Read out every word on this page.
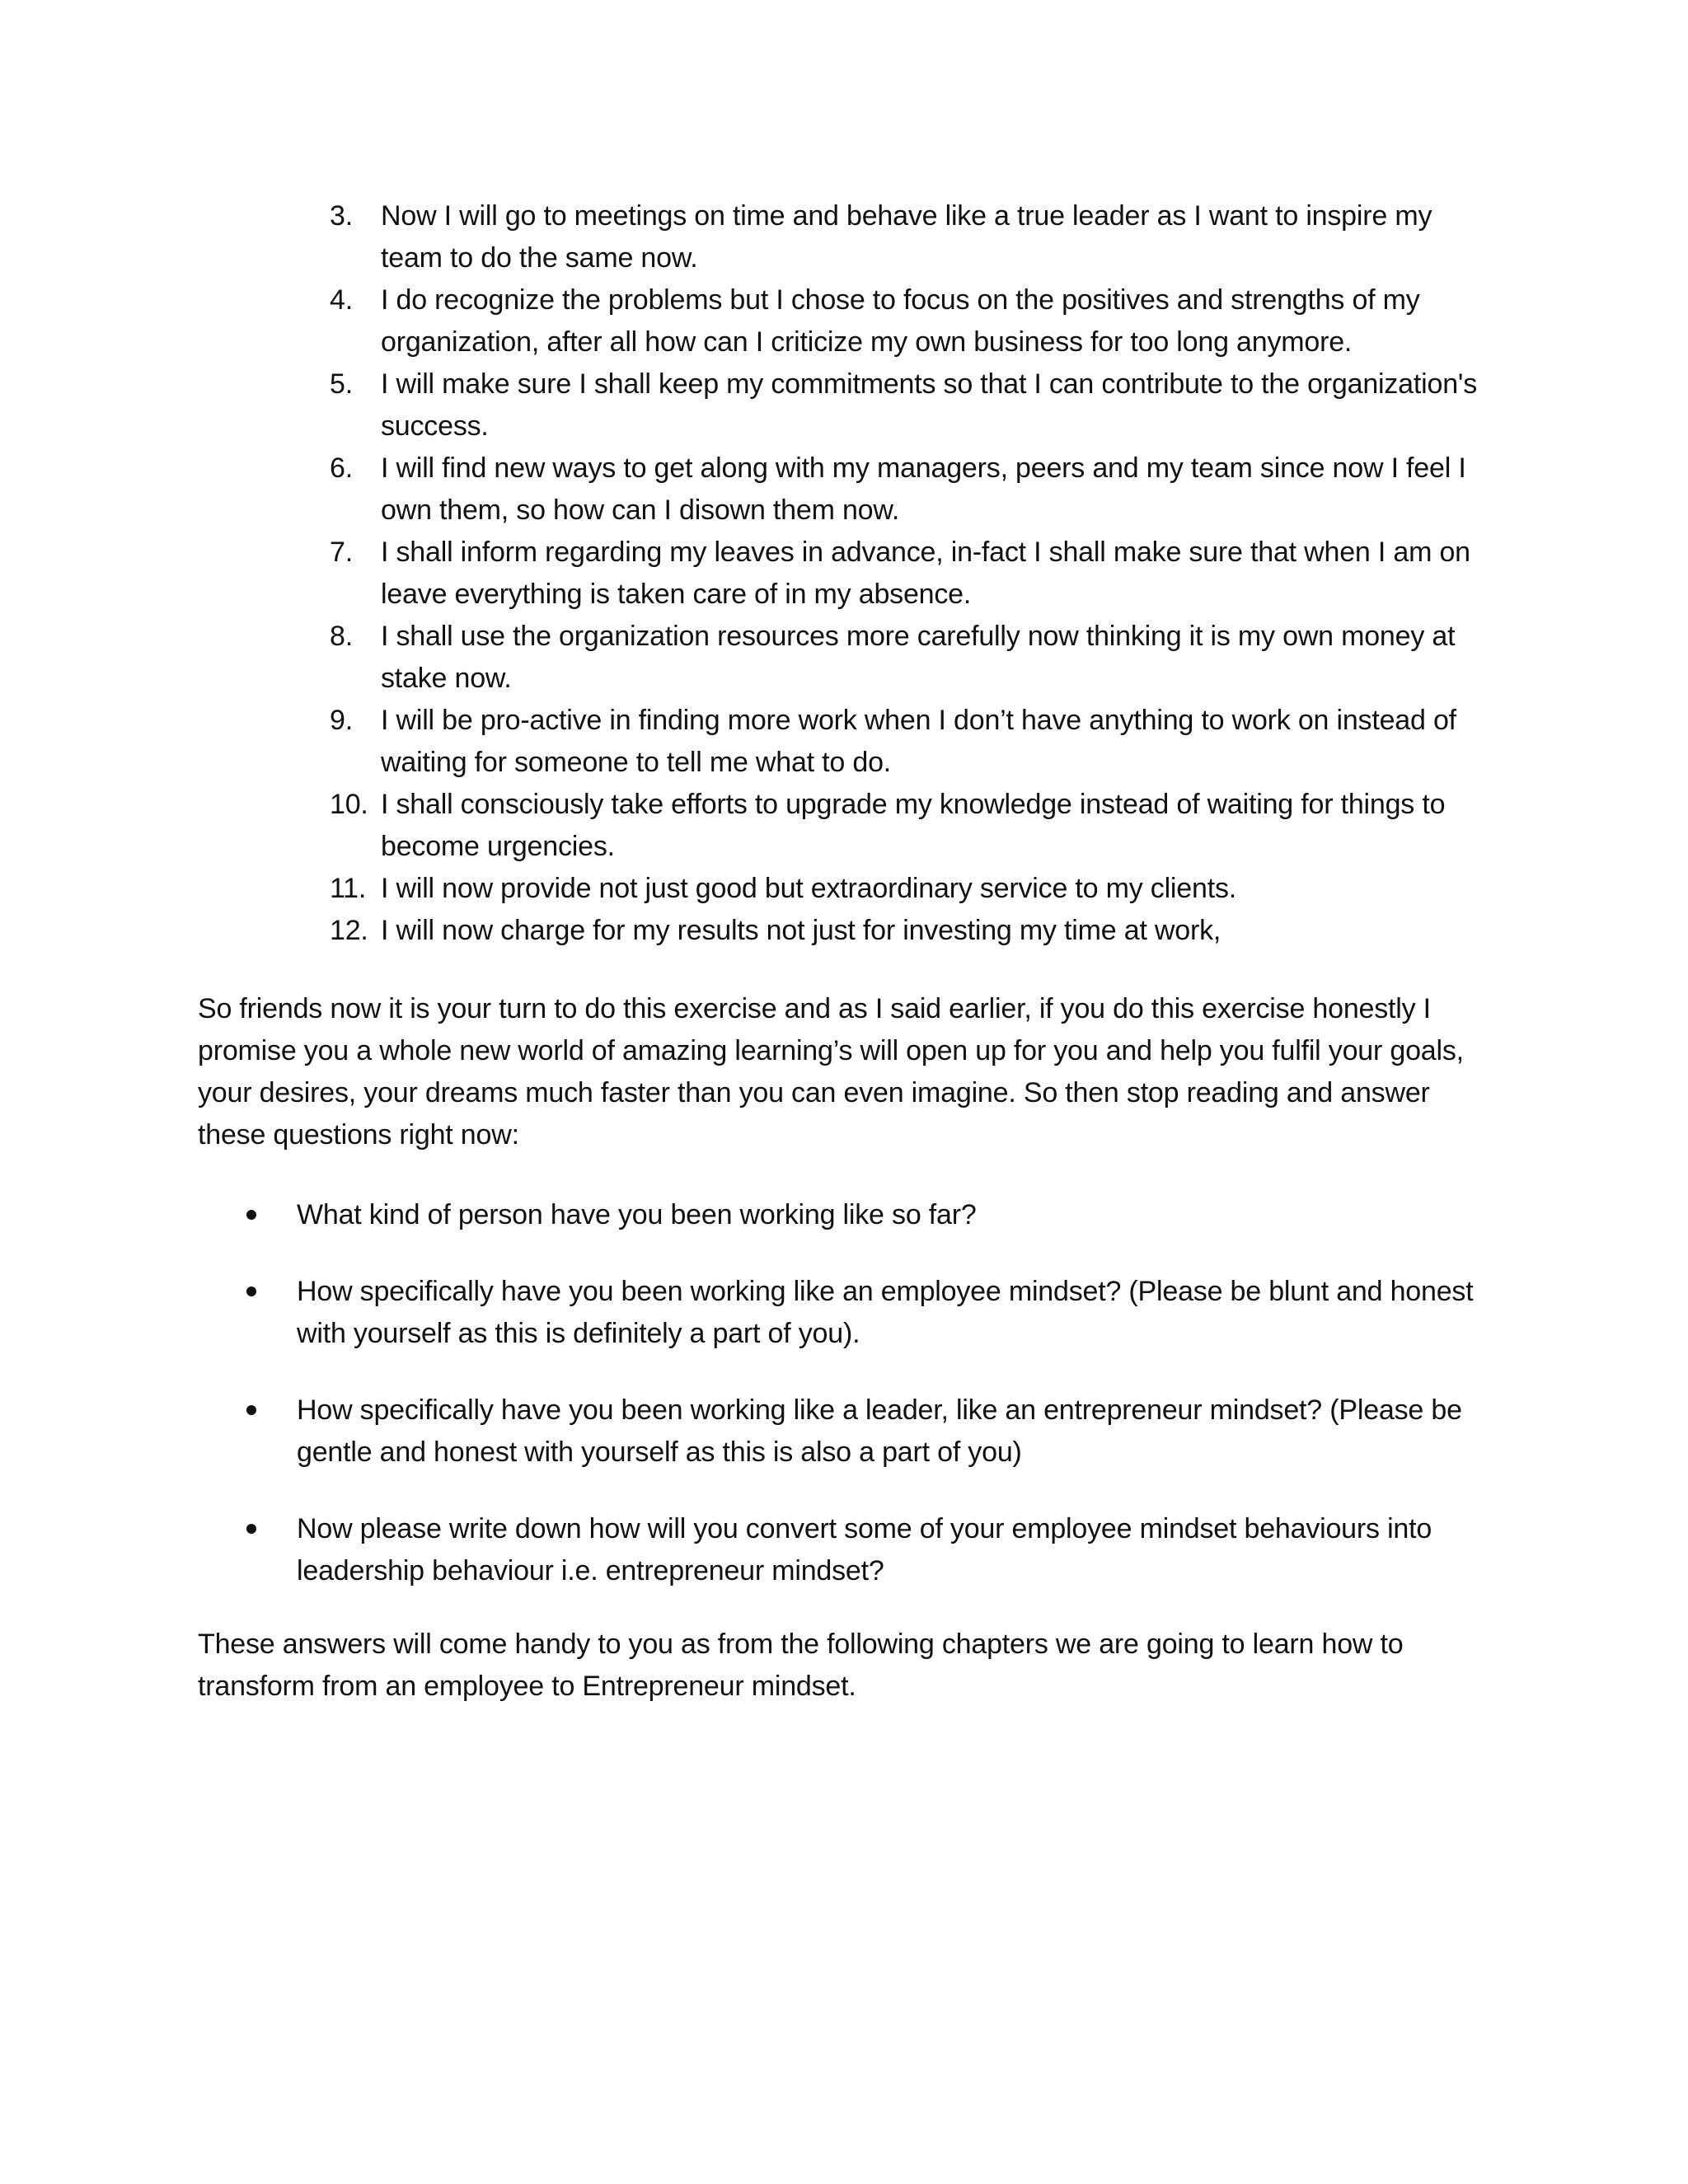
3.	Now I will go to meetings on time and behave like a true leader as I want to inspire my team to do the same now.
4.	I do recognize the problems but I chose to focus on the positives and strengths of my organization, after all how can I criticize my own business for too long anymore.
5.	I will make sure I shall keep my commitments so that I can contribute to the organization's success.
6.	I will find new ways to get along with my managers, peers and my team since now I feel I own them, so how can I disown them now.
7.	I shall inform regarding my leaves in advance, in-fact I shall make sure that when I am on leave everything is taken care of in my absence.
8.	I shall use the organization resources more carefully now thinking it is my own money at stake now.
9.	I will be pro-active in finding more work when I don’t have anything to work on instead of waiting for someone to tell me what to do.
10. I shall consciously take efforts to upgrade my knowledge instead of waiting for things to become urgencies.
11. I will now provide not just good but extraordinary service to my clients.
12. I will now charge for my results not just for investing my time at work,

So friends now it is your turn to do this exercise and as I said earlier, if you do this exercise honestly I promise you a whole new world of amazing learning’s will open up for you and help you fulfil your goals, your desires, your dreams much faster than you can even imagine. So then stop reading and answer these questions right now:

What kind of person have you been working like so far?
How specifically have you been working like an employee mindset? (Please be blunt and honest with yourself as this is definitely a part of you).
How specifically have you been working like a leader, like an entrepreneur mindset? (Please be gentle and honest with yourself as this is also a part of you)
Now please write down how will you convert some of your employee mindset behaviours into leadership behaviour i.e. entrepreneur mindset?

These answers will come handy to you as from the following chapters we are going to learn how to transform from an employee to Entrepreneur mindset.
